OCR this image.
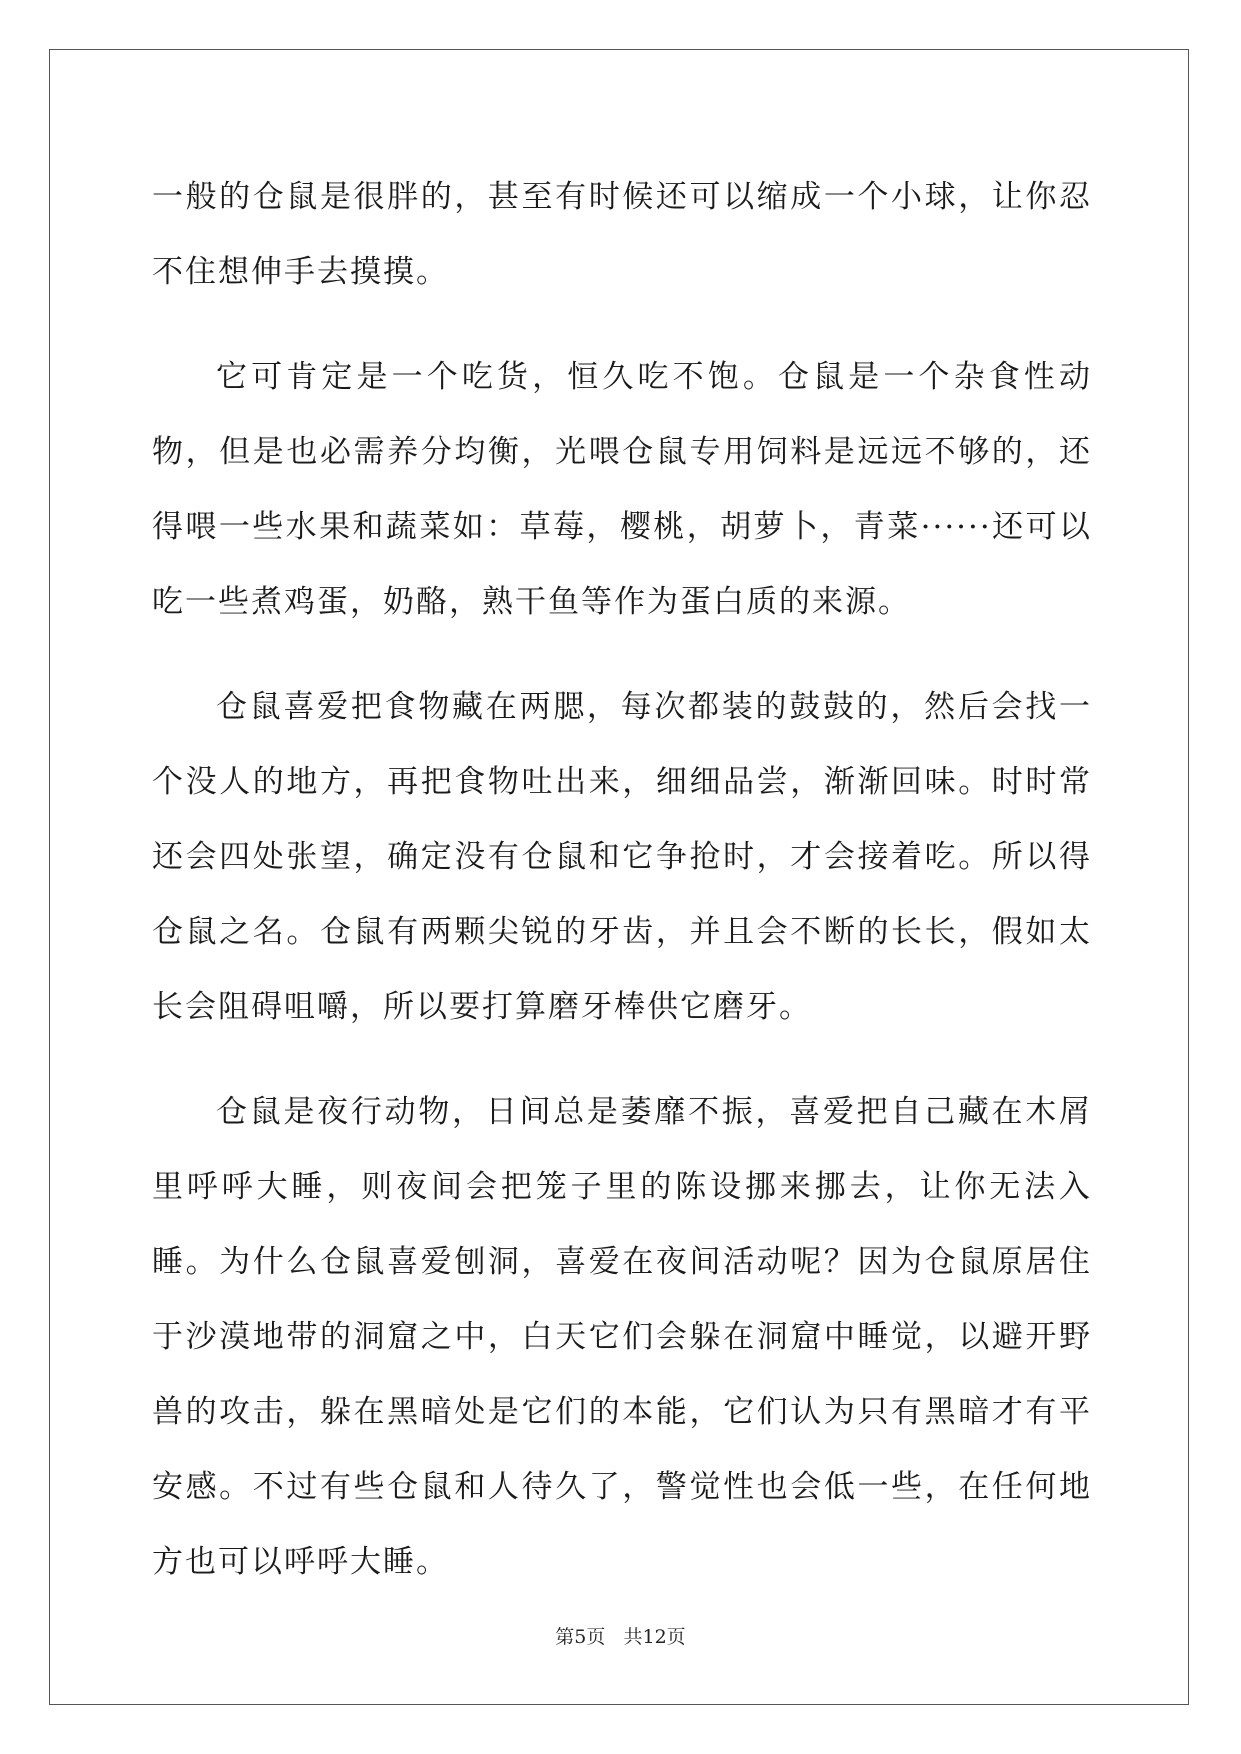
一般的仓鼠是很胖的，甚至有时候还可以缩成一个小球，让你忍不住想伸手去摸摸。

它可肯定是一个吃货，恒久吃不饱。仓鼠是一个杂食性动物，但是也必需养分均衡，光喂仓鼠专用饲料是远远不够的，还得喂一些水果和蔬菜如：草莓，樱桃，胡萝卜，青菜······还可以吃一些煮鸡蛋，奶酪，熟干鱼等作为蛋白质的来源。

仓鼠喜爱把食物藏在两腮，每次都装的鼓鼓的，然后会找一个没人的地方，再把食物吐出来，细细品尝，渐渐回味。时时常还会四处张望，确定没有仓鼠和它争抢时，才会接着吃。所以得仓鼠之名。仓鼠有两颗尖锐的牙齿，并且会不断的长长，假如太长会阻碍咀嚼，所以要打算磨牙棒供它磨牙。

仓鼠是夜行动物，日间总是萎靡不振，喜爱把自己藏在木屑里呼呼大睡，则夜间会把笼子里的陈设挪来挪去，让你无法入睡。为什么仓鼠喜爱刨洞，喜爱在夜间活动呢？因为仓鼠原居住于沙漠地带的洞窟之中，白天它们会躲在洞窟中睡觉，以避开野兽的攻击，躲在黑暗处是它们的本能，它们认为只有黑暗才有平安感。不过有些仓鼠和人待久了，警觉性也会低一些，在任何地方也可以呼呼大睡。

第5页   共12页
